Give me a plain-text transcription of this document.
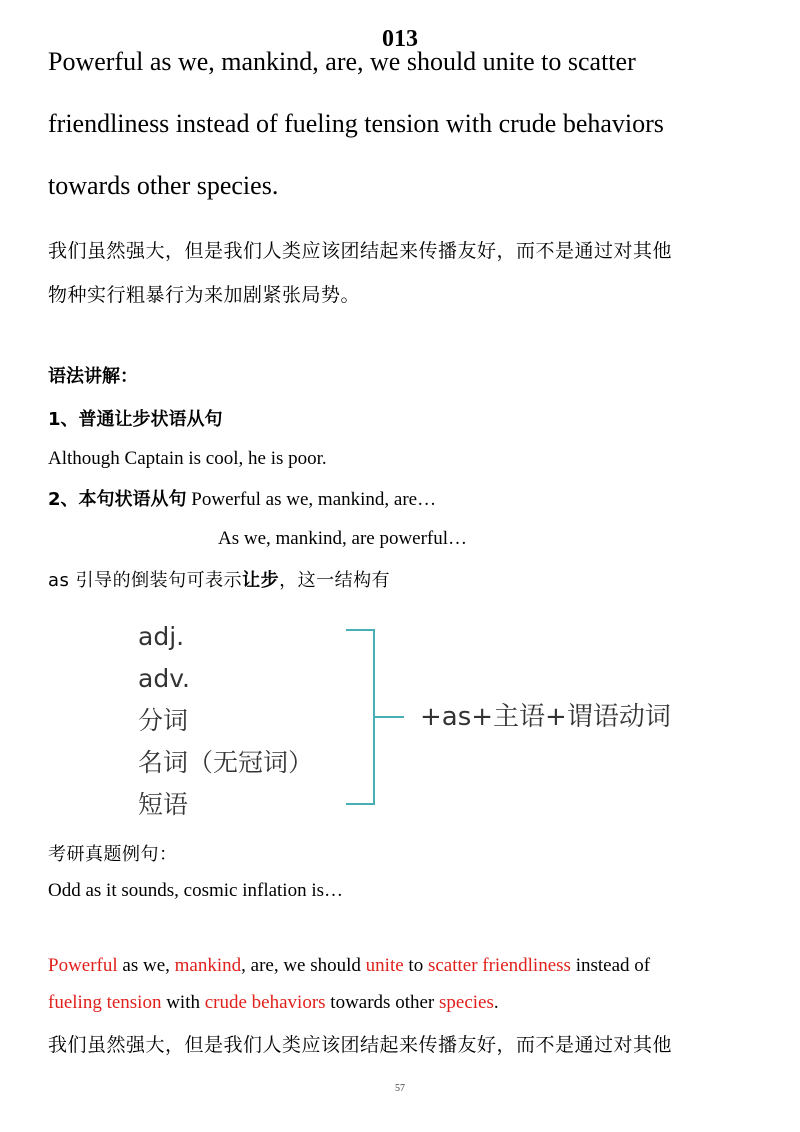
013
Powerful as we, mankind, are, we should unite to scatter
friendliness instead of fueling tension with crude behaviors
towards other species.
我们虽然强大，但是我们人类应该团结起来传播友好，而不是通过对其他
物种实行粗暴行为来加剧紧张局势。
语法讲解：
1、普通让步状语从句
Although Captain is cool, he is poor.
2、本句状语从句 Powerful as we, mankind, are…
As we, mankind, are powerful…
as 引导的倒装句可表示让步，这一结构有
adj.
adv.
分词
名词（无冠词）
短语
+as+主语+谓语动词
考研真题例句：
Odd as it sounds, cosmic inflation is…
Powerful as we, mankind, are, we should unite to scatter friendliness instead of
fueling tension with crude behaviors towards other species.
我们虽然强大，但是我们人类应该团结起来传播友好，而不是通过对其他
57
